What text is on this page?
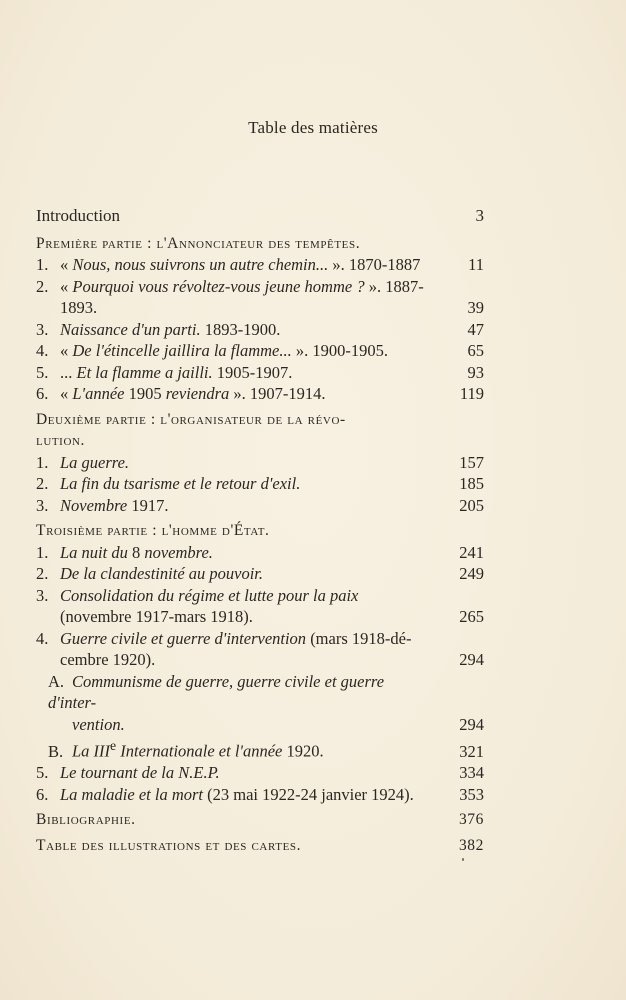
Table des matières
Introduction	3
Première partie : l'Annonciateur des tempêtes.
1. « Nous, nous suivrons un autre chemin... ». 1870-1887	11
2. « Pourquoi vous révoltez-vous jeune homme ? ». 1887-
1893.	39
3. Naissance d'un parti. 1893-1900.	47
4. « De l'étincelle jaillira la flamme... ». 1900-1905.	65
5. ... Et la flamme a jailli. 1905-1907.	93
6. « L'année 1905 reviendra ». 1907-1914.	119
Deuxième partie : l'organisateur de la révo-
lution.
1. La guerre.	157
2. La fin du tsarisme et le retour d'exil.	185
3. Novembre 1917.	205
Troisième partie : l'homme d'État.
1. La nuit du 8 novembre.	241
2. De la clandestinité au pouvoir.	249
3. Consolidation du régime et lutte pour la paix
(novembre 1917-mars 1918).	265
4. Guerre civile et guerre d'intervention (mars 1918-dé-
cembre 1920).	294
A. Communisme de guerre, guerre civile et guerre d'inter-
vention.	294
B. La IIIe Internationale et l'année 1920.	321
5. Le tournant de la N.E.P.	334
6. La maladie et la mort (23 mai 1922-24 janvier 1924).	353
Bibliographie.	376
Table des illustrations et des cartes.	382
